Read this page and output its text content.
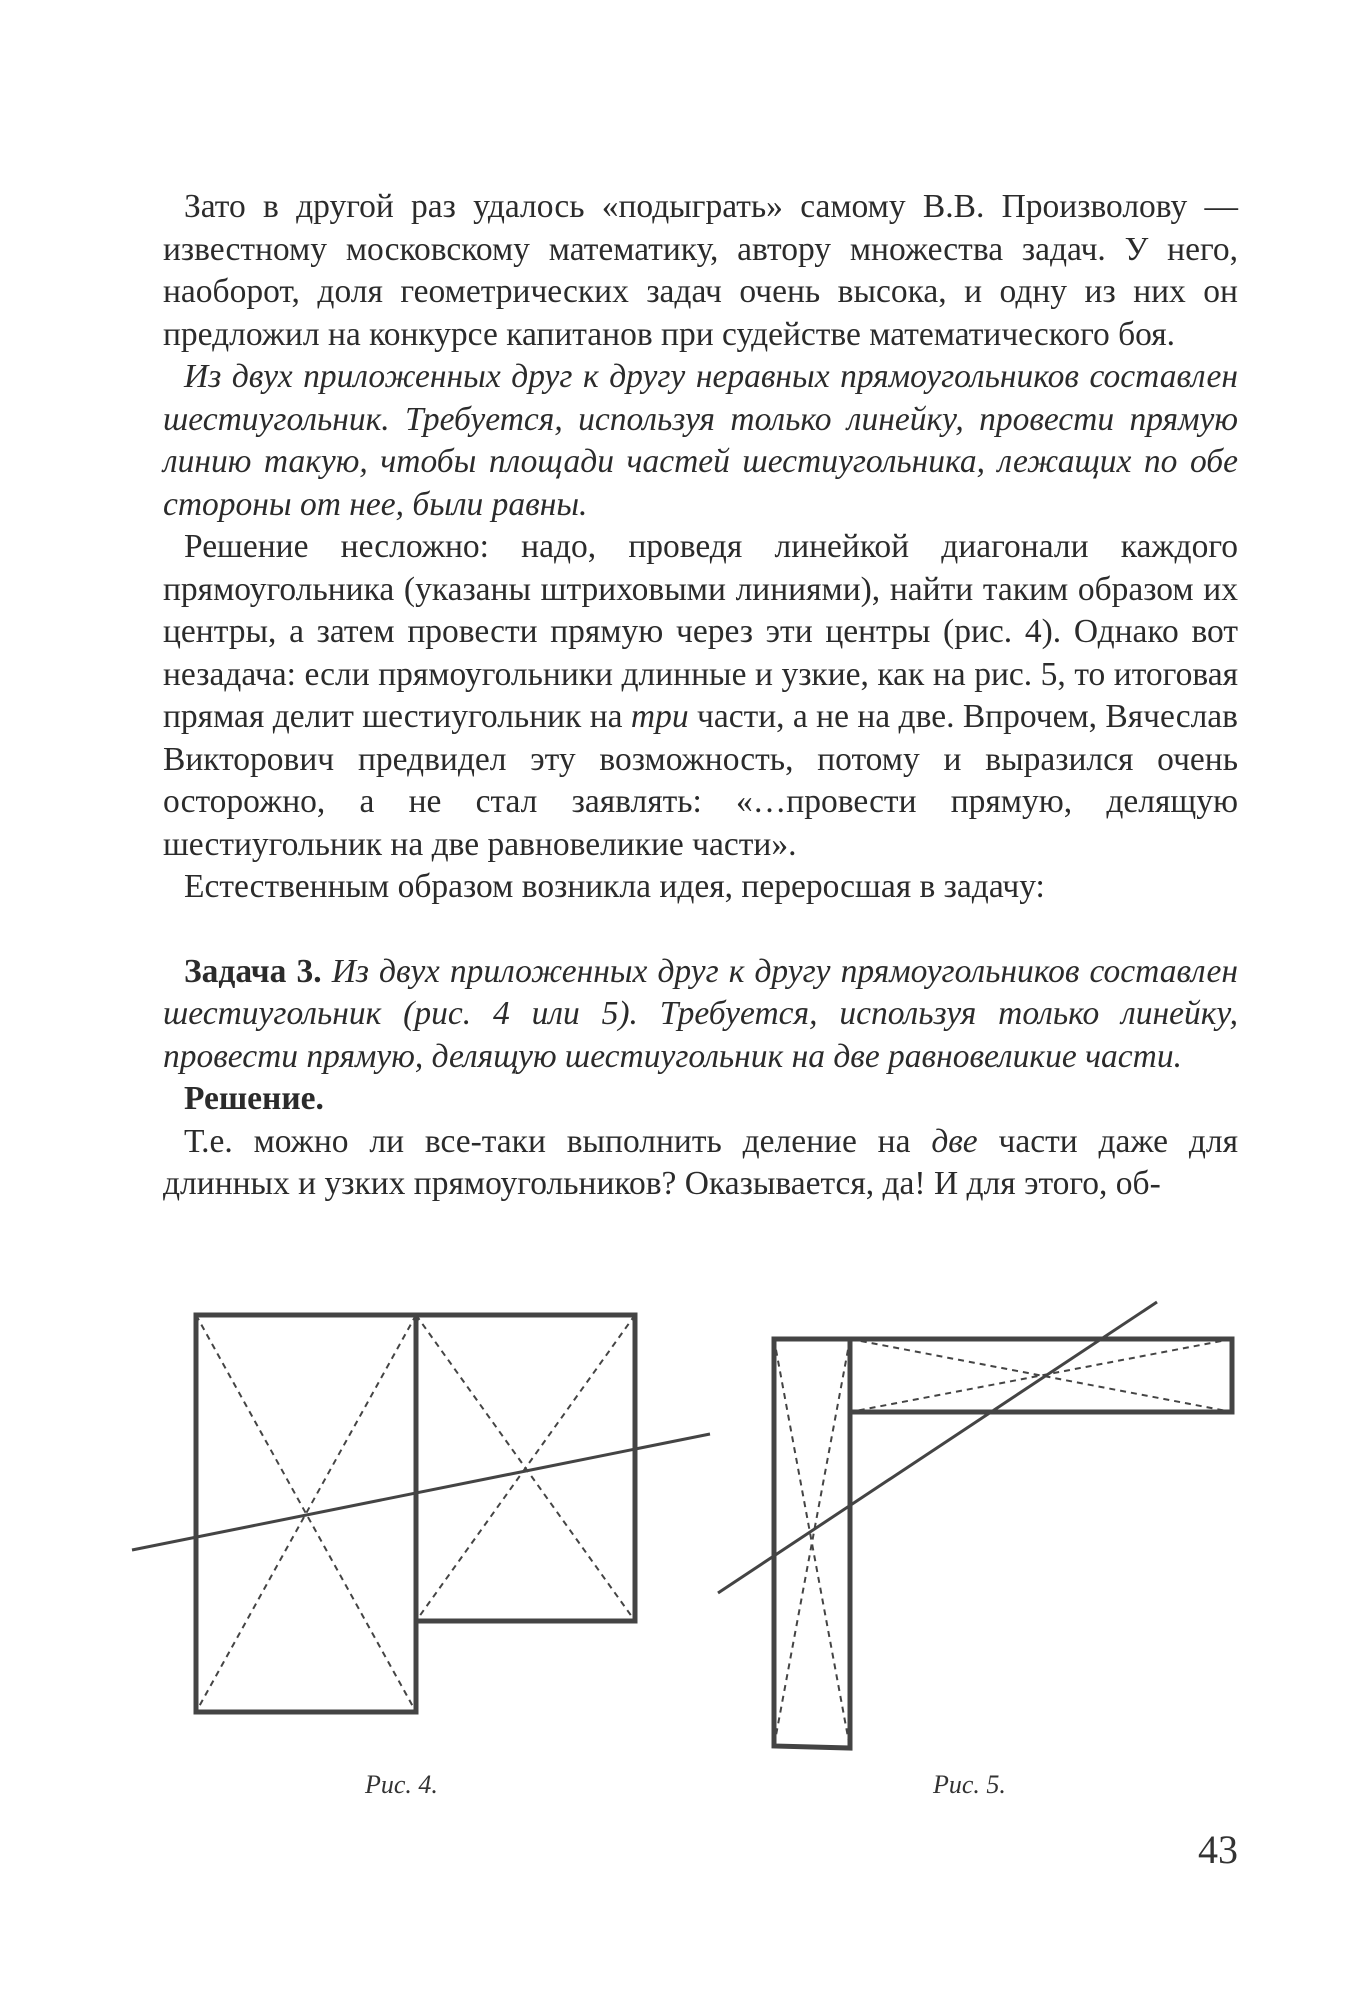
Зато в другой раз удалось «подыграть» самому В.В. Произволову — известному московскому математику, автору множества задач. У него, наоборот, доля геометрических задач очень высока, и одну из них он предложил на конкурсе капитанов при судействе математического боя.

Из двух приложенных друг к другу неравных прямоугольников составлен шестиугольник. Требуется, используя только линейку, провести прямую линию такую, чтобы площади частей шестиугольника, лежащих по обе стороны от нее, были равны.

Решение несложно: надо, проведя линейкой диагонали каждого прямоугольника (указаны штриховыми линиями), найти таким образом их центры, а затем провести прямую через эти центры (рис. 4). Однако вот незадача: если прямоугольники длинные и узкие, как на рис. 5, то итоговая прямая делит шестиугольник на три части, а не на две. Впрочем, Вячеслав Викторович предвидел эту возможность, потому и выразился очень осторожно, а не стал заявлять: «…провести прямую, делящую шестиугольник на две равновеликие части».

Естественным образом возникла идея, переросшая в задачу:

Задача 3. Из двух приложенных друг к другу прямоугольников составлен шестиугольник (рис. 4 или 5). Требуется, используя только линейку, провести прямую, делящую шестиугольник на две равновеликие части.

Решение.

Т.е. можно ли все-таки выполнить деление на две части даже для длинных и узких прямоугольников? Оказывается, да! И для этого, об-

Рис. 4.	Рис. 5.
43
